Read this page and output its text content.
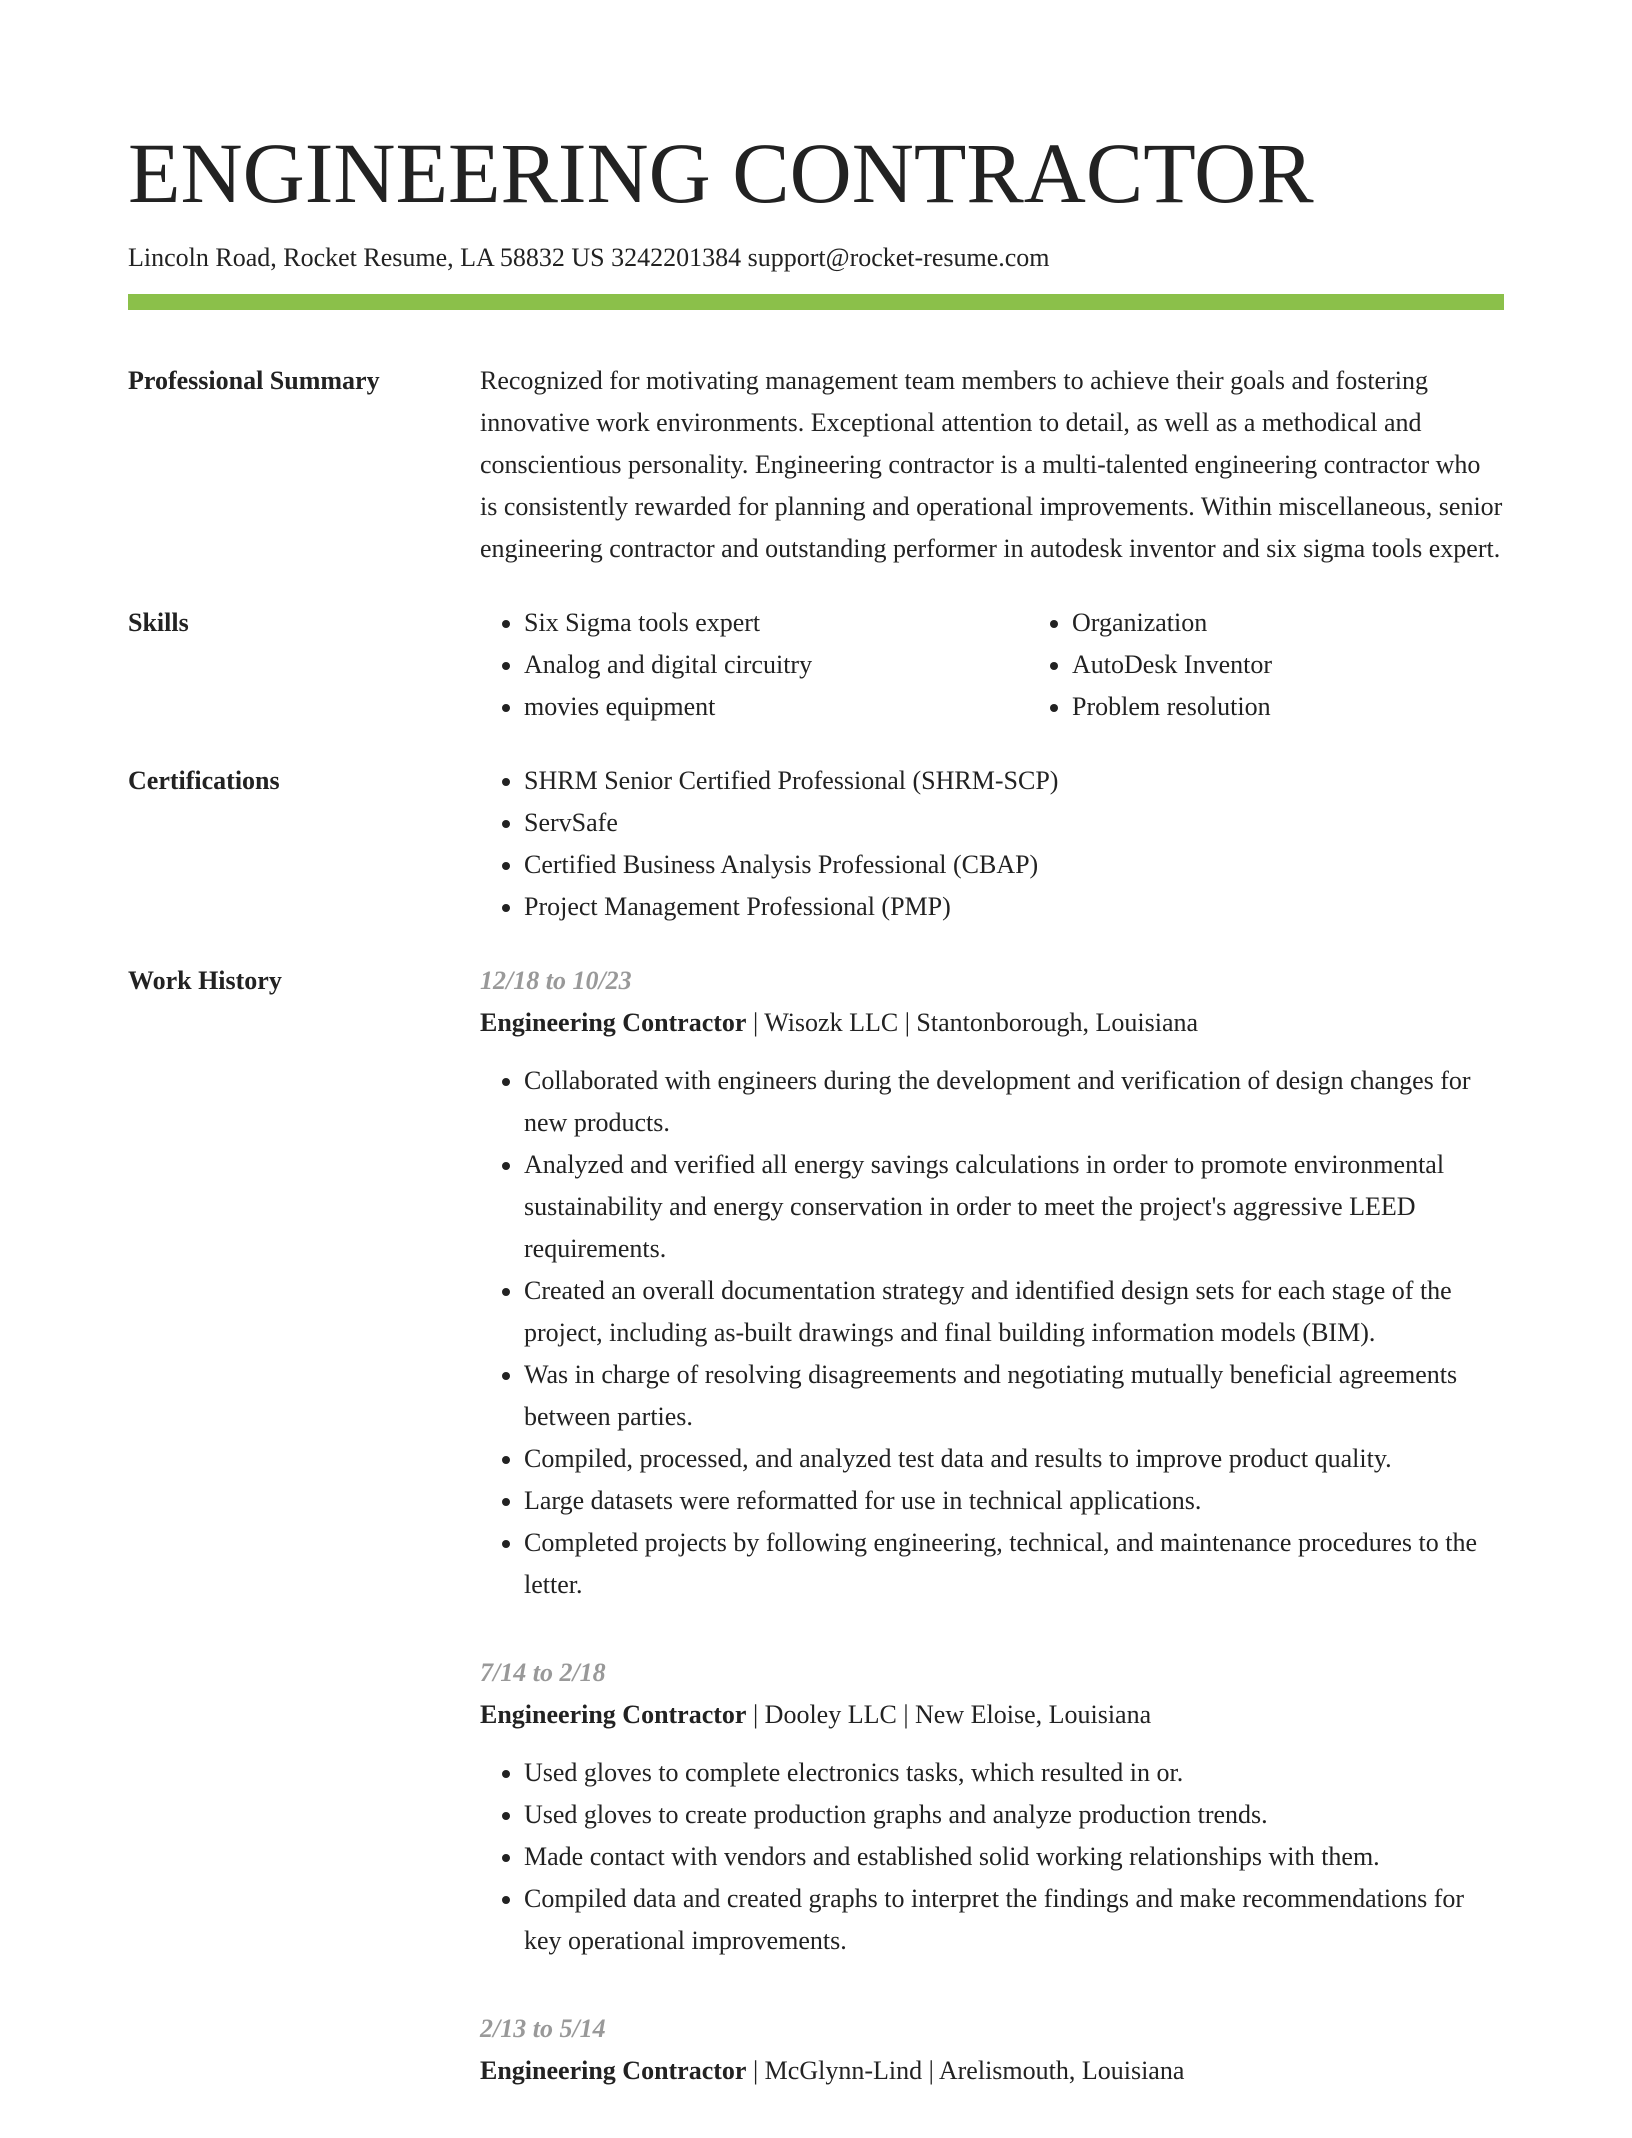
ENGINEERING CONTRACTOR
Lincoln Road, Rocket Resume, LA 58832 US 3242201384 support@rocket-resume.com
Professional Summary	Recognized for motivating management team members to achieve their goals and fostering innovative work environments. Exceptional attention to detail, as well as a methodical and conscientious personality. Engineering contractor is a multi-talented engineering contractor who is consistently rewarded for planning and operational improvements. Within miscellaneous, senior engineering contractor and outstanding performer in autodesk inventor and six sigma tools expert.
Skills	• Six Sigma tools expert
• Analog and digital circuitry
• movies equipment
• Organization
• AutoDesk Inventor
• Problem resolution
Certifications	• SHRM Senior Certified Professional (SHRM-SCP)
• ServSafe
• Certified Business Analysis Professional (CBAP)
• Project Management Professional (PMP)
Work History	12/18 to 10/23
Engineering Contractor | Wisozk LLC | Stantonborough, Louisiana
• Collaborated with engineers during the development and verification of design changes for new products.
• Analyzed and verified all energy savings calculations in order to promote environmental sustainability and energy conservation in order to meet the project's aggressive LEED requirements.
• Created an overall documentation strategy and identified design sets for each stage of the project, including as-built drawings and final building information models (BIM).
• Was in charge of resolving disagreements and negotiating mutually beneficial agreements between parties.
• Compiled, processed, and analyzed test data and results to improve product quality.
• Large datasets were reformatted for use in technical applications.
• Completed projects by following engineering, technical, and maintenance procedures to the letter.
7/14 to 2/18
Engineering Contractor | Dooley LLC | New Eloise, Louisiana
• Used gloves to complete electronics tasks, which resulted in or.
• Used gloves to create production graphs and analyze production trends.
• Made contact with vendors and established solid working relationships with them.
• Compiled data and created graphs to interpret the findings and make recommendations for key operational improvements.
2/13 to 5/14
Engineering Contractor | McGlynn-Lind | Arelismouth, Louisiana
